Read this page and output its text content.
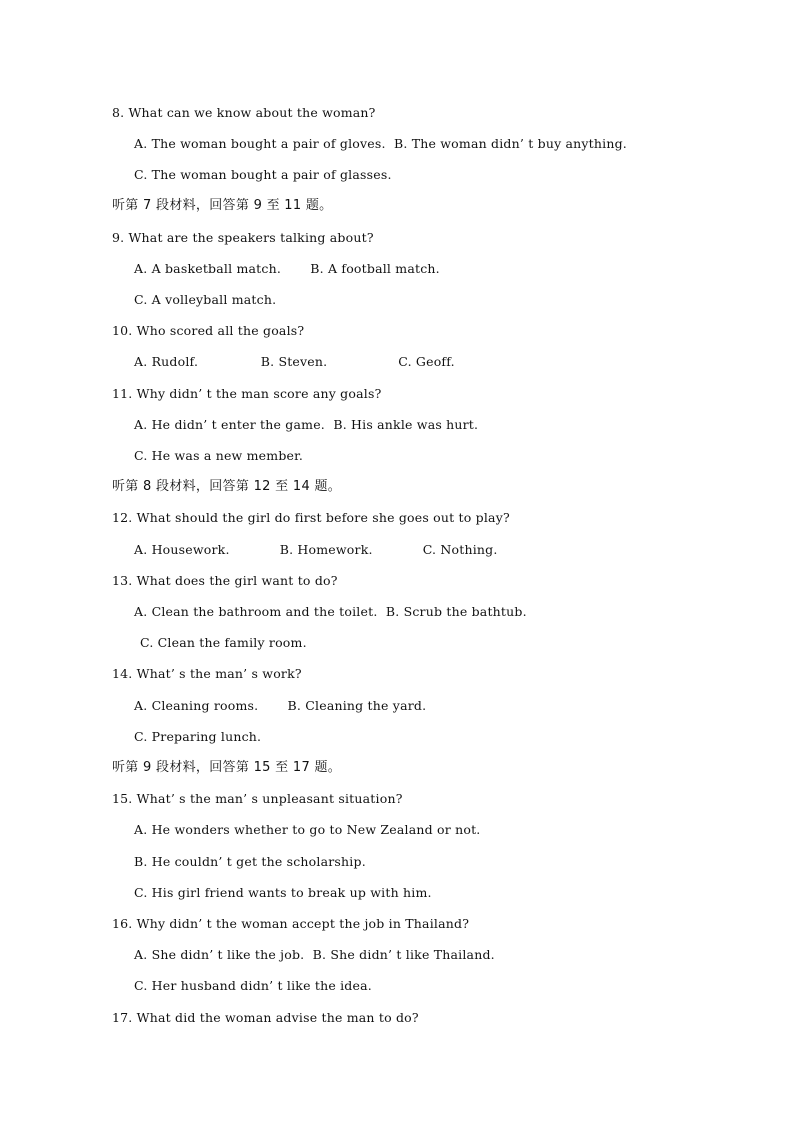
8. What can we know about the woman?
A. The woman bought a pair of gloves.  B. The woman didn’ t buy anything.
C. The woman bought a pair of glasses.
听第 7 段材料，回答第 9 至 11 题。
9. What are the speakers talking about?
A. A basketball match.       B. A football match.
C. A volleyball match.
10. Who scored all the goals?
A. Rudolf.               B. Steven.                 C. Geoff.
11. Why didn’ t the man score any goals?
A. He didn’ t enter the game.  B. His ankle was hurt.
C. He was a new member.
听第 8 段材料，回答第 12 至 14 题。
12. What should the girl do first before she goes out to play?
A. Housework.            B. Homework.            C. Nothing.
13. What does the girl want to do?
A. Clean the bathroom and the toilet.  B. Scrub the bathtub.
C. Clean the family room.
14. What’ s the man’ s work?
A. Cleaning rooms.       B. Cleaning the yard.
C. Preparing lunch.
听第 9 段材料，回答第 15 至 17 题。
15. What’ s the man’ s unpleasant situation?
A. He wonders whether to go to New Zealand or not.
B. He couldn’ t get the scholarship.
C. His girl friend wants to break up with him.
16. Why didn’ t the woman accept the job in Thailand?
A. She didn’ t like the job.  B. She didn’ t like Thailand.
C. Her husband didn’ t like the idea.
17. What did the woman advise the man to do?
